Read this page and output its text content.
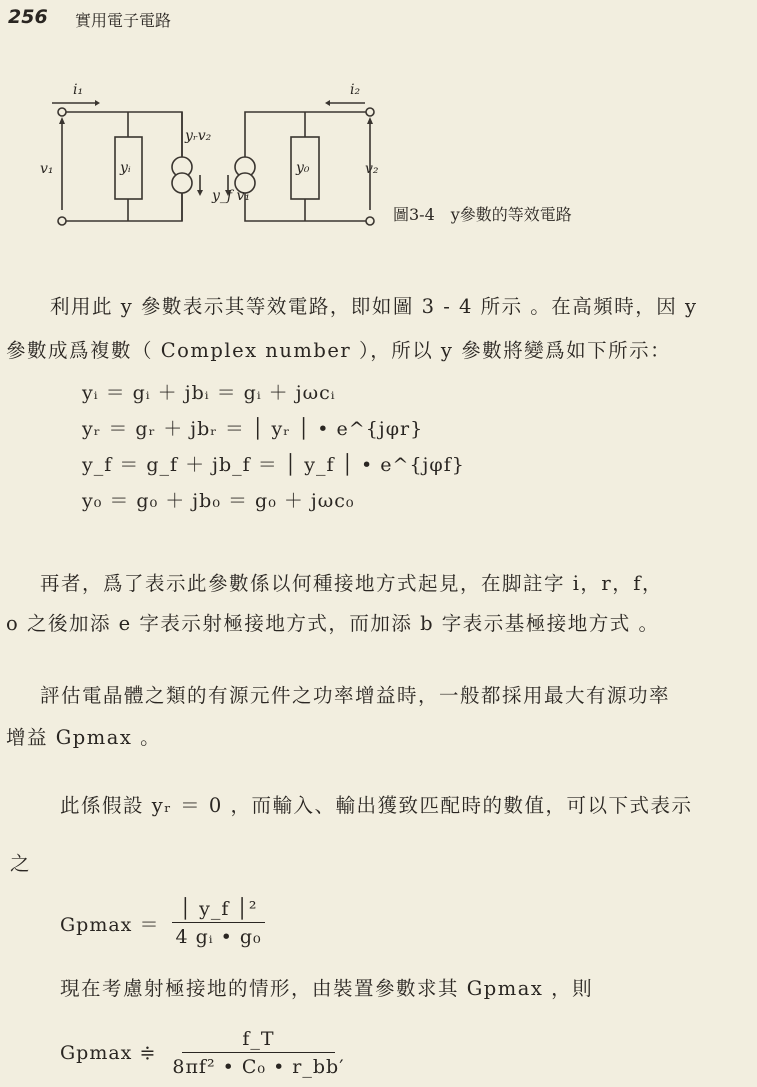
256 實用電子電路
i₁	i₂
v₁	v₂
yᵢ	y₀
yᵣv₂
y_f v₁
圖3-4　y參數的等效電路
利用此 y 參數表示其等效電路，即如圖 3 - 4 所示 。在高頻時，因 y
參數成爲複數（ Complex number ），所以 y 參數將變爲如下所示：
yᵢ ＝ gᵢ ＋ jbᵢ ＝ gᵢ ＋ jωcᵢ
yᵣ ＝ gᵣ ＋ jbᵣ ＝ │ yᵣ │ • e^{jφr}
y_f ＝ g_f ＋ jb_f ＝ │ y_f │ • e^{jφf}
y₀ ＝ g₀ ＋ jb₀ ＝ g₀ ＋ jωc₀
再者，爲了表示此參數係以何種接地方式起見，在脚註字 i，r，f，
o 之後加添 e 字表示射極接地方式，而加添 b 字表示基極接地方式 。
評估電晶體之類的有源元件之功率增益時，一般都採用最大有源功率
增益 Gpmax 。
此係假設 yᵣ ＝ 0 ，而輸入、輸出獲致匹配時的數值，可以下式表示
之
$Gpmax = \frac{\text{│ y\_f │²}}{\text{4 gᵢ • g₀}}$
現在考慮射極接地的情形，由裝置參數求其 Gpmax ，則
Gpmax ≑ $\frac{f\_T}{\text{8πf² • C₀ • r\_bb′}}$
